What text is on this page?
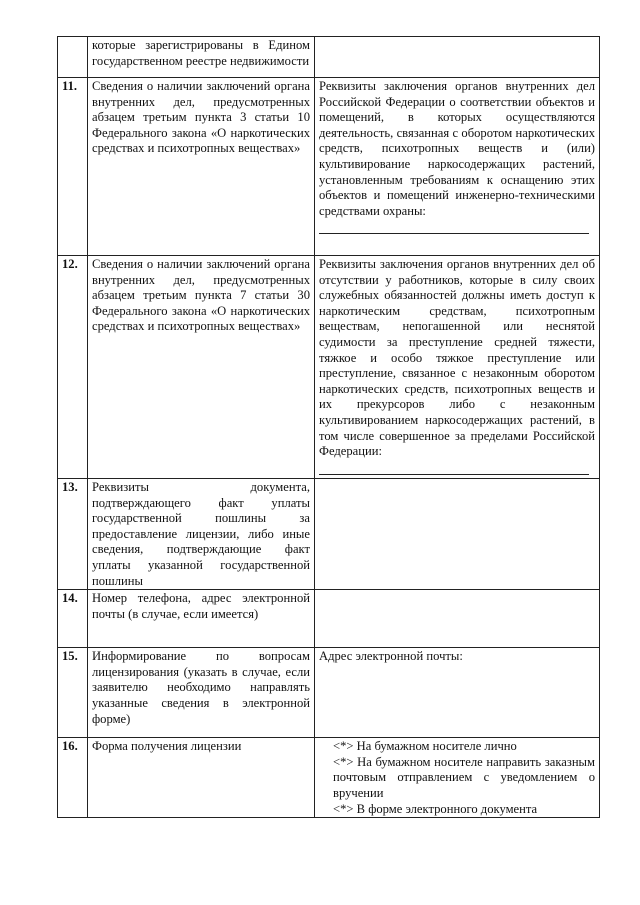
	которые зарегистрированы в Едином государственном реестре недвижимости	
11.	Сведения о наличии заключений органа внутренних дел, предусмотренных абзацем третьим пункта 3 статьи 10 Федерального закона «О наркотических средствах и психотропных веществах»	Реквизиты заключения органов внутренних дел Российской Федерации о соответствии объектов и помещений, в которых осуществляются деятельность, связанная с оборотом наркотических средств, психотропных веществ и (или) культивирование наркосодержащих растений, установленным требованиям к оснащению этих объектов и помещений инженерно-техническими средствами охраны:

12.	Сведения о наличии заключений органа внутренних дел, предусмотренных абзацем третьим пункта 7 статьи 30 Федерального закона «О наркотических средствах и психотропных веществах»	Реквизиты заключения органов внутренних дел об отсутствии у работников, которые в силу своих служебных обязанностей должны иметь доступ к наркотическим средствам, психотропным веществам, непогашенной или неснятой судимости за преступление средней тяжести, тяжкое и особо тяжкое преступление или преступление, связанное с незаконным оборотом наркотических средств, психотропных веществ и их прекурсоров либо с незаконным культивированием наркосодержащих растений, в том числе совершенное за пределами Российской Федерации:

13.	Реквизиты документа, подтверждающего факт уплаты государственной пошлины за предоставление лицензии, либо иные сведения, подтверждающие факт уплаты указанной государственной пошлины	
14.	Номер телефона, адрес электронной почты (в случае, если имеется)	
15.	Информирование по вопросам лицензирования (указать в случае, если заявителю необходимо направлять указанные сведения в электронной форме)	Адрес электронной почты:
16.	Форма получения лицензии	<*> На бумажном носителе лично
<*> На бумажном носителе направить заказным почтовым отправлением с уведомлением о вручении
<*> В форме электронного документа
